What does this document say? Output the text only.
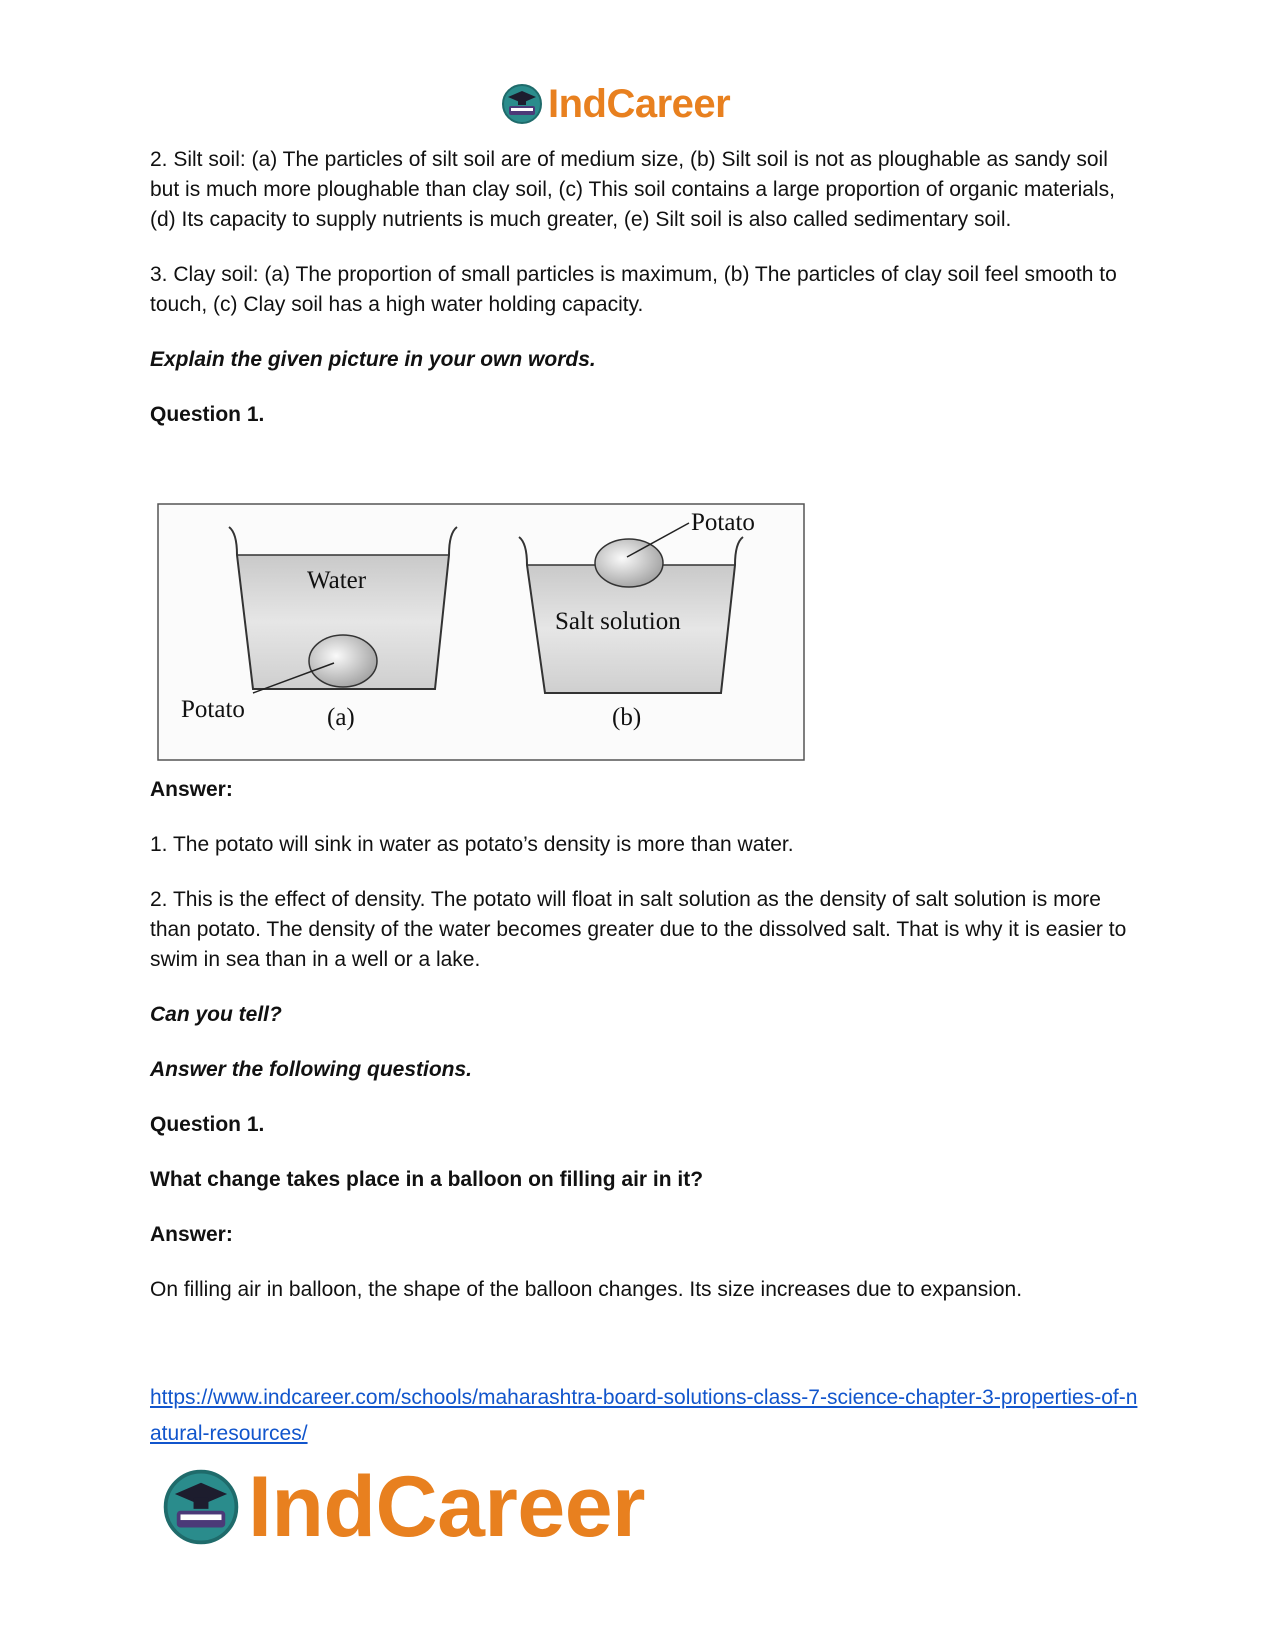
IndCareer

2. Silt soil: (a) The particles of silt soil are of medium size, (b) Silt soil is not as ploughable as sandy soil but is much more ploughable than clay soil, (c) This soil contains a large proportion of organic materials, (d) Its capacity to supply nutrients is much greater, (e) Silt soil is also called sedimentary soil.

3. Clay soil: (a) The proportion of small particles is maximum, (b) The particles of clay soil feel smooth to touch, (c) Clay soil has a high water holding capacity.

Explain the given picture in your own words.

Question 1.

Answer:

1. The potato will sink in water as potato’s density is more than water.

2. This is the effect of density. The potato will float in salt solution as the density of salt solution is more than potato. The density of the water becomes greater due to the dissolved salt. That is why it is easier to swim in sea than in a well or a lake.

Can you tell?

Answer the following questions.

Question 1.

What change takes place in a balloon on filling air in it?

Answer:

On filling air in balloon, the shape of the balloon changes. Its size increases due to expansion.

Water
Potato	(a)
Potato
Salt solution
(b)
https://www.indcareer.com/schools/maharashtra-board-solutions-class-7-science-chapter-3-properties-of-natural-resources/
IndCareer
